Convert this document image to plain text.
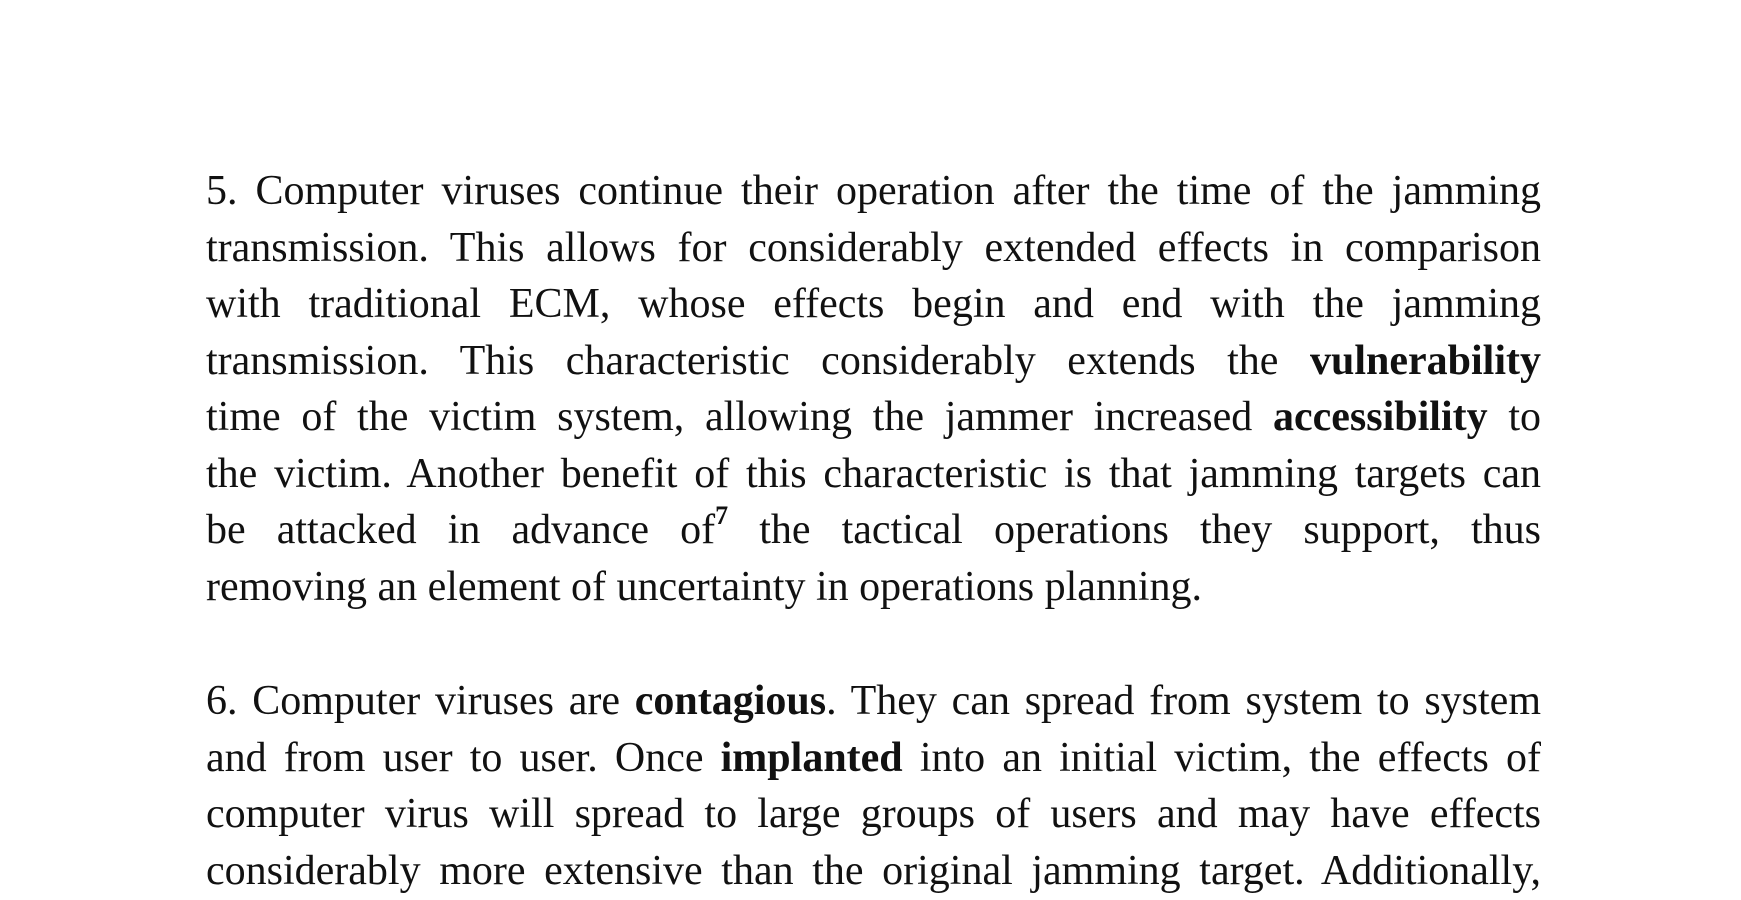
5. Computer viruses continue their operation after the time of the jamming
transmission. This allows for considerably extended effects in comparison
with traditional ECM, whose effects begin and end with the jamming
transmission. This characteristic considerably extends the vulnerability
time of the victim system, allowing the jammer increased accessibility to
the victim. Another benefit of this characteristic is that jamming targets can
be attacked in advance $of^7$ the tactical operations they support, thus
removing an element of uncertainty in operations planning.
6. Computer viruses are contagious. They can spread from system to system
and from user to user. Once implanted into an initial victim, the effects of
computer virus will spread to large groups of users and may have effects
considerably more extensive than the original jamming target. Additionally,
